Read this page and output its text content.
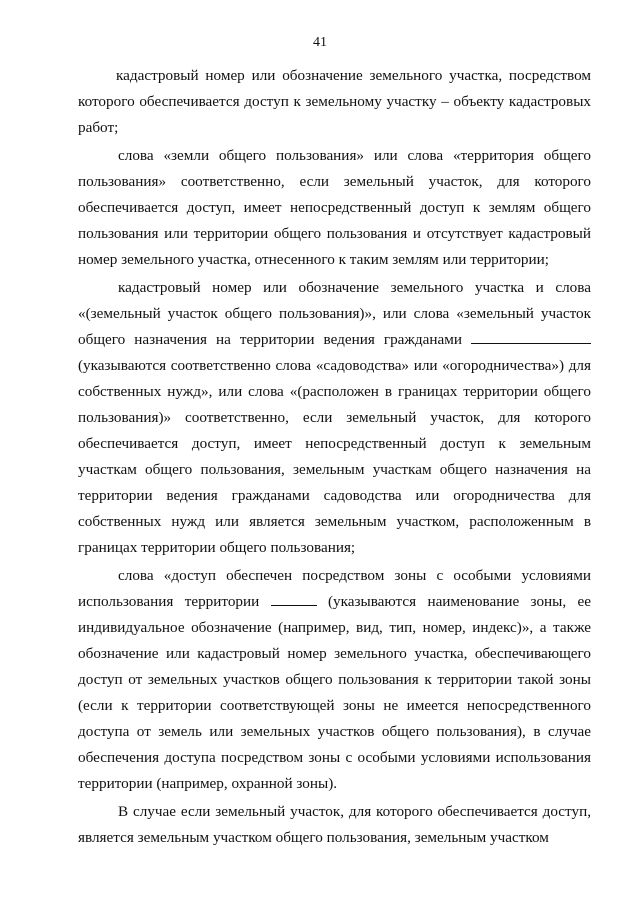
41

кадастровый номер или обозначение земельного участка, посредством которого обеспечивается доступ к земельному участку – объекту кадастровых работ;

слова «земли общего пользования» или слова «территория общего пользования» соответственно, если земельный участок, для которого обеспечивается доступ, имеет непосредственный доступ к землям общего пользования или территории общего пользования и отсутствует кадастровый номер земельного участка, отнесенного к таким землям или территории;

кадастровый номер или обозначение земельного участка и слова «(земельный участок общего пользования)», или слова «земельный участок общего назначения на территории ведения гражданами  (указываются соответственно слова «садоводства» или «огородничества») для собственных нужд», или слова «(расположен в границах территории общего пользования)» соответственно, если земельный участок, для которого обеспечивается доступ, имеет непосредственный доступ к земельным участкам общего пользования, земельным участкам общего назначения на территории ведения гражданами садоводства или огородничества для собственных нужд или является земельным участком, расположенным в границах территории общего пользования;

слова «доступ обеспечен посредством зоны с особыми условиями использования территории	(указываются наименование зоны, ее индивидуальное обозначение (например, вид, тип, номер, индекс)», а также обозначение или кадастровый номер земельного участка, обеспечивающего доступ от земельных участков общего пользования к территории такой зоны (если к территории соответствующей зоны не имеется непосредственного доступа от земель или земельных участков общего пользования), в случае обеспечения доступа посредством зоны с особыми условиями использования территории (например, охранной зоны).

В случае если земельный участок, для которого обеспечивается доступ, является земельным участком общего пользования, земельным участком
